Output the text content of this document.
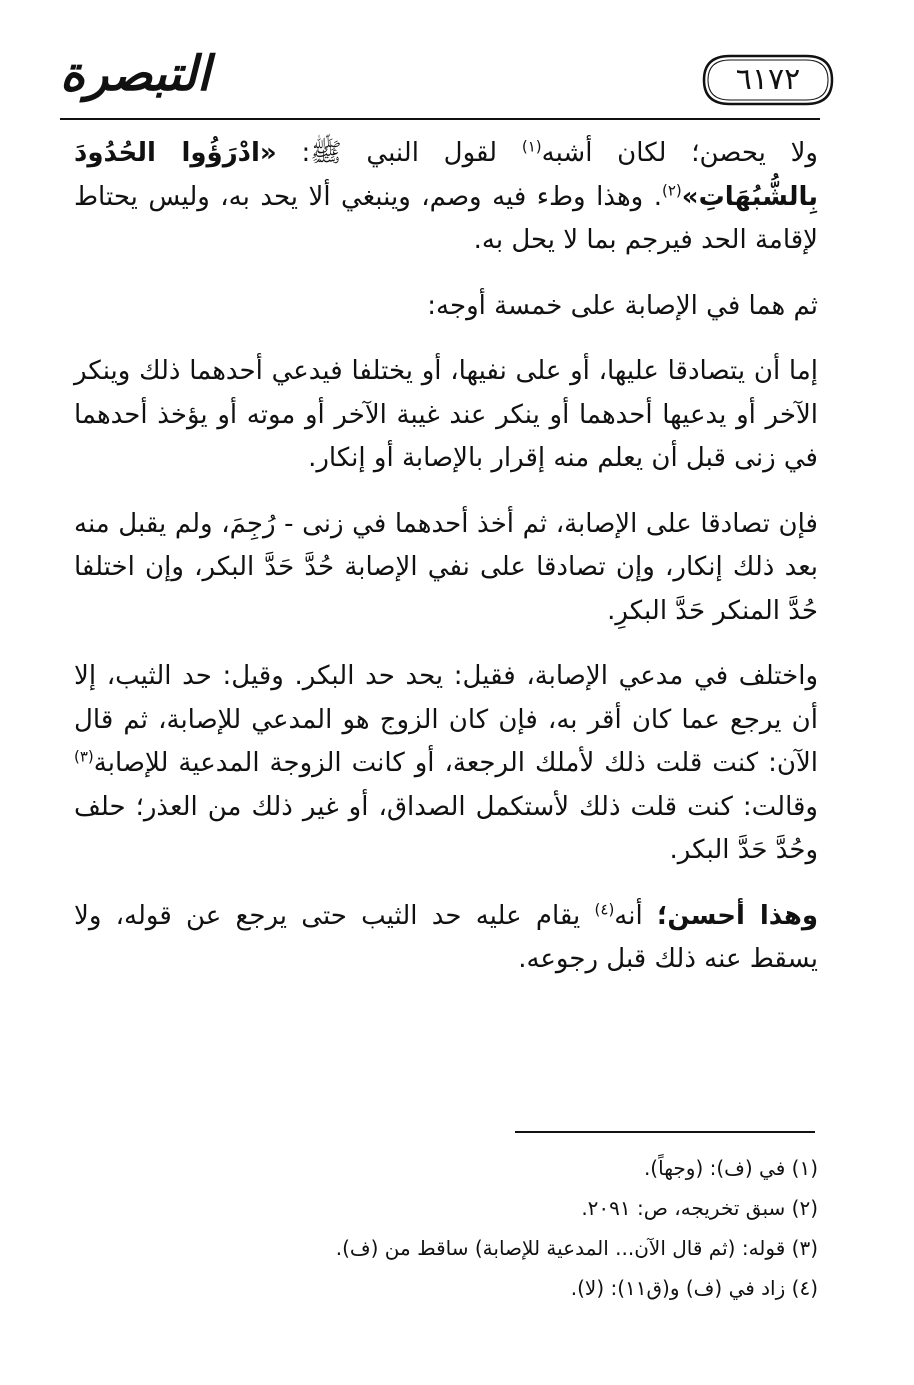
التبصرة	٦١٧٢

ولا يحصن؛ لكان أشبه$^{(١)}$ لقول النبي ﷺ: «ادْرَؤُوا الحُدُودَ بِالشُّبُهَاتِ»$^{(٢)}$. وهذا وطء فيه وصم، وينبغي ألا يحد به، وليس يحتاط لإقامة الحد فيرجم بما لا يحل به.

ثم هما في الإصابة على خمسة أوجه:

إما أن يتصادقا عليها، أو على نفيها، أو يختلفا فيدعي أحدهما ذلك وينكر الآخر أو يدعيها أحدهما أو ينكر عند غيبة الآخر أو موته أو يؤخذ أحدهما في زنى قبل أن يعلم منه إقرار بالإصابة أو إنكار.

فإن تصادقا على الإصابة، ثم أخذ أحدهما في زنى - رُجِمَ، ولم يقبل منه بعد ذلك إنكار، وإن تصادقا على نفي الإصابة حُدَّ حَدَّ البكر، وإن اختلفا حُدَّ المنكر حَدَّ البكرِ.

واختلف في مدعي الإصابة، فقيل: يحد حد البكر. وقيل: حد الثيب، إلا أن يرجع عما كان أقر به، فإن كان الزوج هو المدعي للإصابة، ثم قال الآن: كنت قلت ذلك لأملك الرجعة، أو كانت الزوجة المدعية للإصابة$^{(٣)}$ وقالت: كنت قلت ذلك لأستكمل الصداق، أو غير ذلك من العذر؛ حلف وحُدَّ حَدَّ البكر.

وهذا أحسن؛ أنه$^{(٤)}$ يقام عليه حد الثيب حتى يرجع عن قوله، ولا يسقط عنه ذلك قبل رجوعه.

(١) في (ف): (وجهاً).

(٢) سبق تخريجه، ص: ٢٠٩١.

(٣) قوله: (ثم قال الآن... المدعية للإصابة) ساقط من (ف).

(٤) زاد في (ف) و(ق١١): (لا).
